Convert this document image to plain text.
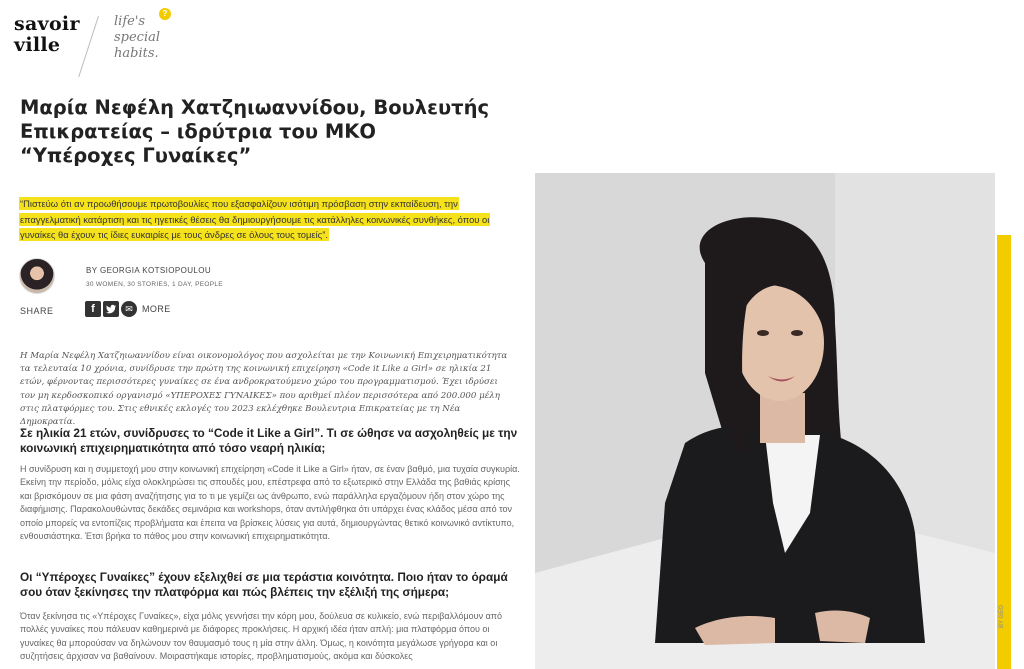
savoir
ville
life's
special
habits.
?
Μαρία Νεφέλη Χατζηιωαννίδου, Βουλευτής Επικρατείας – ιδρύτρια του ΜΚΟ “Υπέροχες Γυναίκες”

“Πιστεύω ότι αν προωθήσουμε πρωτοβουλίες που εξασφαλίζουν ισότιμη πρόσβαση στην εκπαίδευση, την επαγγελματική κατάρτιση και τις ηγετικές θέσεις θα δημιουργήσουμε τις κατάλληλες κοινωνικές συνθήκες, όπου οι γυναίκες θα έχουν τις ίδιες ευκαιρίες με τους άνδρες σε όλους τους τομείς”.

BY GEORGIA KOTSIOPOULOU
30 WOMEN, 30 STORIES, 1 DAY, PEOPLE
SHARE	f	✉	MORE

Η Μαρία Νεφέλη Χατζηιωαννίδου είναι οικονομολόγος που ασχολείται με την Κοινωνική Επιχειρηματικότητα τα τελευταία 10 χρόνια, συνίδρυσε την πρώτη της κοινωνική επιχείρηση «Code it Like a Girl» σε ηλικία 21 ετών, φέρνοντας περισσότερες γυναίκες σε ένα ανδροκρατούμενο χώρο του προγραμματισμού. Έχει ιδρύσει τον μη κερδοσκοπικό οργανισμό «ΥΠΕΡΟΧΕΣ ΓΥΝΑΙΚΕΣ» που αριθμεί πλέον περισσότερα από 200.000 μέλη στις πλατφόρμες του. Στις εθνικές εκλογές του 2023 εκλέχθηκε Βουλευτρια Επικρατείας με τη Νέα Δημοκρατία.

Σε ηλικία 21 ετών, συνίδρυσες το “Code it Like a Girl”. Τι σε ώθησε να ασχοληθείς με την κοινωνική επιχειρηματικότητα από τόσο νεαρή ηλικία;

Η συνίδρυση και η συμμετοχή μου στην κοινωνική επιχείρηση «Code it Like a Girl» ήταν, σε έναν βαθμό, μια τυχαία συγκυρία. Εκείνη την περίοδο, μόλις είχα ολοκληρώσει τις σπουδές μου, επέστρεφα από το εξωτερικό στην Ελλάδα της βαθιάς κρίσης και βρισκόμουν σε μια φάση αναζήτησης για το τι με γεμίζει ως άνθρωπο, ενώ παράλληλα εργαζόμουν ήδη στον χώρο της διαφήμισης. Παρακολουθώντας δεκάδες σεμινάρια και workshops, όταν αντιλήφθηκα ότι υπάρχει ένας κλάδος μέσα από τον οποίο μπορείς να εντοπίζεις προβλήματα και έπειτα να βρίσκεις λύσεις για αυτά, δημιουργώντας θετικό κοινωνικό αντίκτυπο, ενθουσιάστηκα. Έτσι βρήκα το πάθος μου στην κοινωνική επιχειρηματικότητα.

Οι “Υπέροχες Γυναίκες” έχουν εξελιχθεί σε μια τεράστια κοινότητα. Ποιο ήταν το όραμά σου όταν ξεκίνησες την πλατφόρμα και πώς βλέπεις την εξέλιξή της σήμερα;

Όταν ξεκίνησα τις «Υπέροχες Γυναίκες», είχα μόλις γεννήσει την κόρη μου, δούλευα σε κυλικείο, ενώ περιβαλλόμουν από πολλές γυναίκες που πάλευαν καθημερινά με διάφορες προκλήσεις. Η αρχική ιδέα ήταν απλή: μια πλατφόρμα όπου οι γυναίκες θα μπορούσαν να δηλώνουν τον θαυμασμό τους η μία στην άλλη. Όμως, η κοινότητα μεγάλωσε γρήγορα και οι συζητήσεις άρχισαν να βαθαίνουν. Μοιραστήκαμε ιστορίες, προβληματισμούς, ακόμα και δύσκολες

BY GEO
